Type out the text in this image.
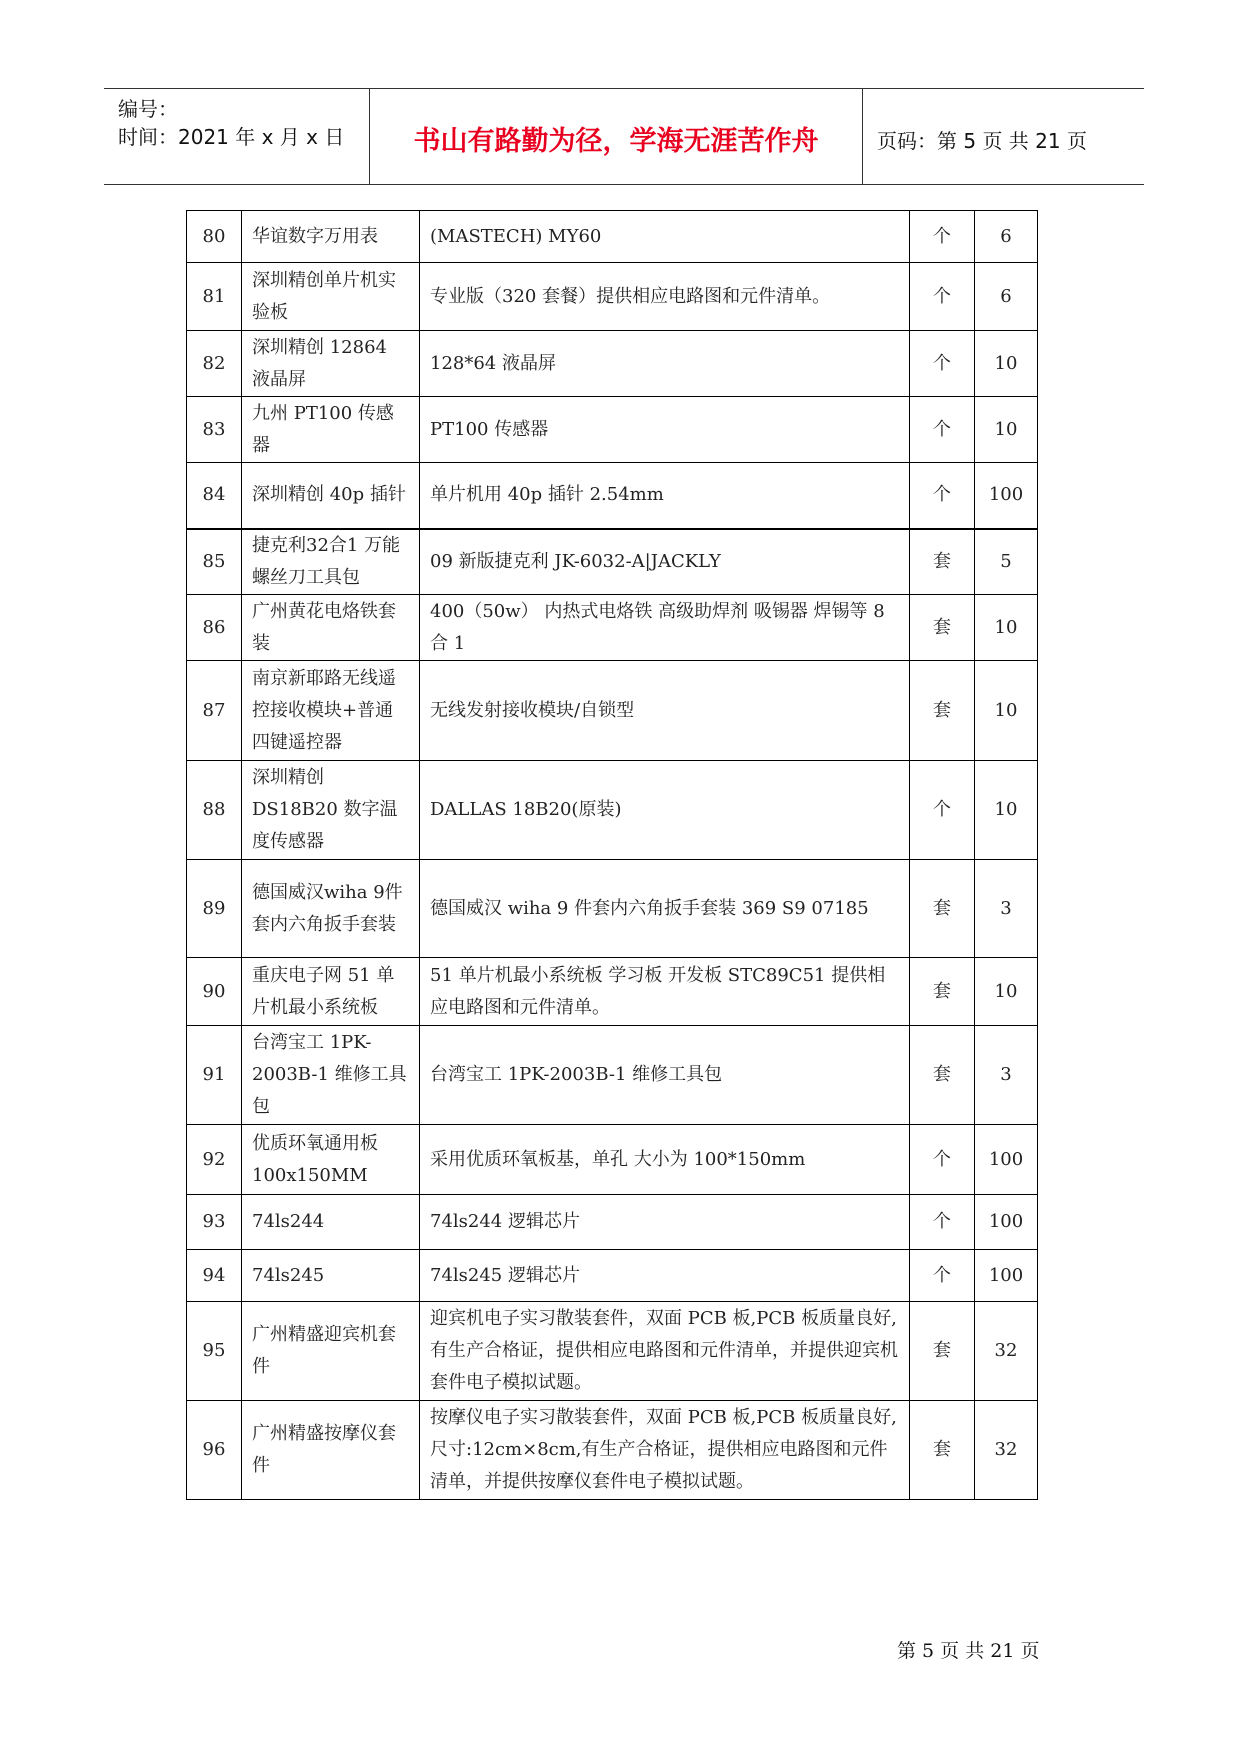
编号：
时间：2021 年 x 月 x 日	书山有路勤为径，学海无涯苦作舟	页码：第 5 页 共 21 页
80	华谊数字万用表	(MASTECH) MY60	个	6
81	深圳精创单片机实验板	专业版（320 套餐）提供相应电路图和元件清单。	个	6
82	深圳精创 12864 液晶屏	128*64 液晶屏	个	10
83	九州 PT100 传感器	PT100 传感器	个	10
84	深圳精创 40p 插针	单片机用 40p 插针 2.54mm	个	100
85	捷克利32合1 万能螺丝刀工具包	09 新版捷克利 JK-6032-A|JACKLY	套	5
86	广州黄花电烙铁套装	400（50w） 内热式电烙铁 高级助焊剂 吸锡器 焊锡等 8 合 1	套	10
87	南京新耶路无线遥控接收模块+普通四键遥控器	无线发射接收模块/自锁型	套	10
88	深圳精创 DS18B20 数字温度传感器	DALLAS 18B20(原装)	个	10
89	德国威汉wiha 9件套内六角扳手套装	德国威汉 wiha 9 件套内六角扳手套装 369 S9 07185	套	3
90	重庆电子网 51 单片机最小系统板	51 单片机最小系统板 学习板 开发板 STC89C51 提供相应电路图和元件清单。	套	10
91	台湾宝工 1PK-2003B-1 维修工具包	台湾宝工 1PK-2003B-1 维修工具包	套	3
92	优质环氧通用板 100x150MM	采用优质环氧板基，单孔 大小为 100*150mm	个	100
93	74ls244	74ls244 逻辑芯片	个	100
94	74ls245	74ls245 逻辑芯片	个	100
95	广州精盛迎宾机套件	迎宾机电子实习散装套件，双面 PCB 板,PCB 板质量良好,有生产合格证，提供相应电路图和元件清单，并提供迎宾机套件电子模拟试题。	套	32
96	广州精盛按摩仪套件	按摩仪电子实习散装套件，双面 PCB 板,PCB 板质量良好,尺寸:12cm×8cm,有生产合格证，提供相应电路图和元件清单，并提供按摩仪套件电子模拟试题。	套	32
第 5 页 共 21 页
